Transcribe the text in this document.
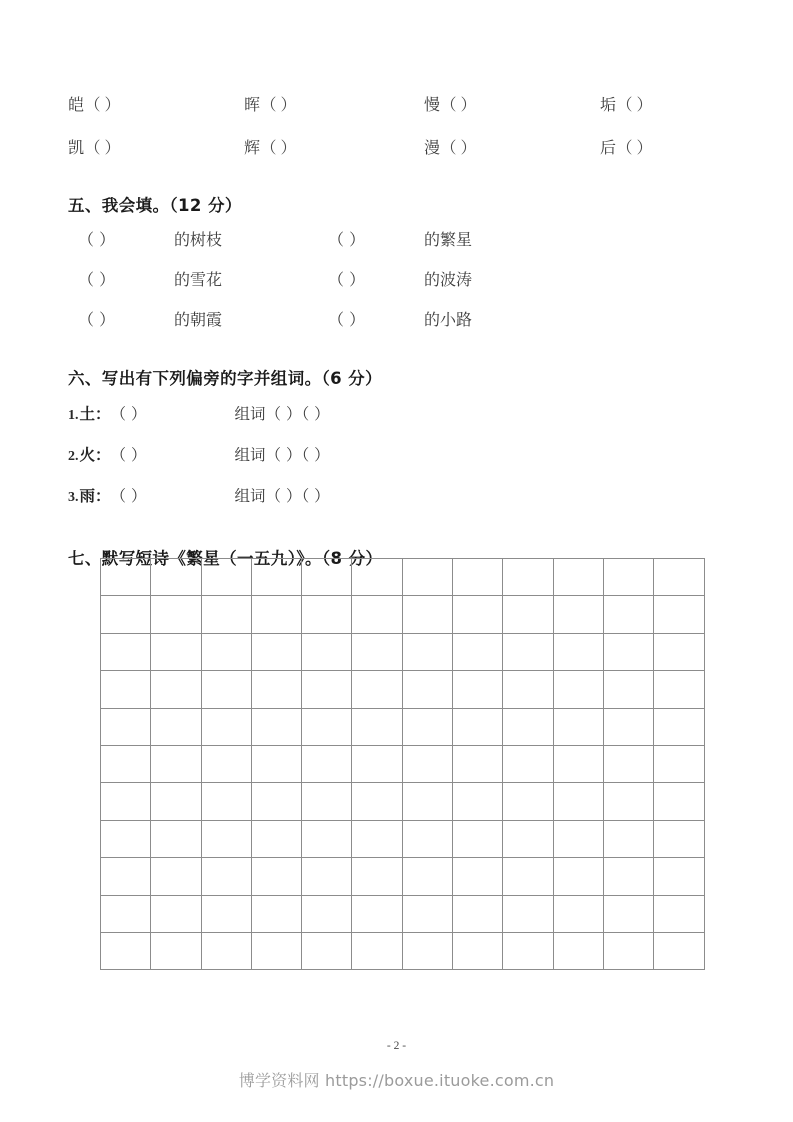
皑 （ ）	晖 （ ）	慢 （ ）	垢 （ ）
凯 （ ）	辉 （ ）	漫 （ ）	后 （ ）
五、我会填。（12 分）
（ ）	的树枝	（ ）	的繁星
（ ）	的雪花	（ ）	的波涛
（ ）	的朝霞	（ ）	的小路
六、写出有下列偏旁的字并组词。（6 分）
1. 土： （ ）	组词 （ ）（ ）
2. 火： （ ）	组词 （ ）（ ）
3. 雨： （ ）	组词 （ ）（ ）
七、默写短诗《繁星（一五九）》。（8 分）

- 2 -
博学资料网 https://boxue.ituoke.com.cn
